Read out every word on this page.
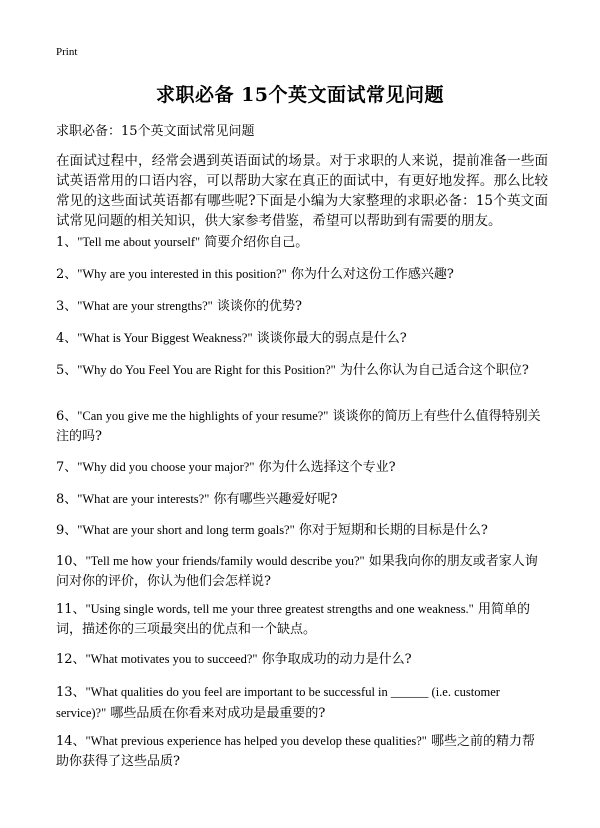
Print
求职必备 15个英文面试常见问题
求职必备：15个英文面试常见问题
在面试过程中，经常会遇到英语面试的场景。对于求职的人来说，提前准备一些面试英语常用的口语内容，可以帮助大家在真正的面试中，有更好地发挥。那么比较常见的这些面试英语都有哪些呢?下面是小编为大家整理的求职必备：15个英文面试常见问题的相关知识，供大家参考借鉴，希望可以帮助到有需要的朋友。
1、"Tell me about yourself" 简要介绍你自己。
2、"Why are you interested in this position?" 你为什么对这份工作感兴趣?
3、"What are your strengths?" 谈谈你的优势?
4、"What is Your Biggest Weakness?" 谈谈你最大的弱点是什么?
5、"Why do You Feel You are Right for this Position?" 为什么你认为自己适合这个职位?
6、"Can you give me the highlights of your resume?" 谈谈你的简历上有些什么值得特别关注的吗?
7、"Why did you choose your major?" 你为什么选择这个专业?
8、"What are your interests?" 你有哪些兴趣爱好呢?
9、"What are your short and long term goals?" 你对于短期和长期的目标是什么?
10、"Tell me how your friends/family would describe you?" 如果我向你的朋友或者家人询问对你的评价，你认为他们会怎样说?
11、"Using single words, tell me your three greatest strengths and one weakness." 用简单的词，描述你的三项最突出的优点和一个缺点。
12、"What motivates you to succeed?" 你争取成功的动力是什么?
13、"What qualities do you feel are important to be successful in ______ (i.e. customer service)?" 哪些品质在你看来对成功是最重要的?
14、"What previous experience has helped you develop these qualities?" 哪些之前的精力帮助你获得了这些品质?
